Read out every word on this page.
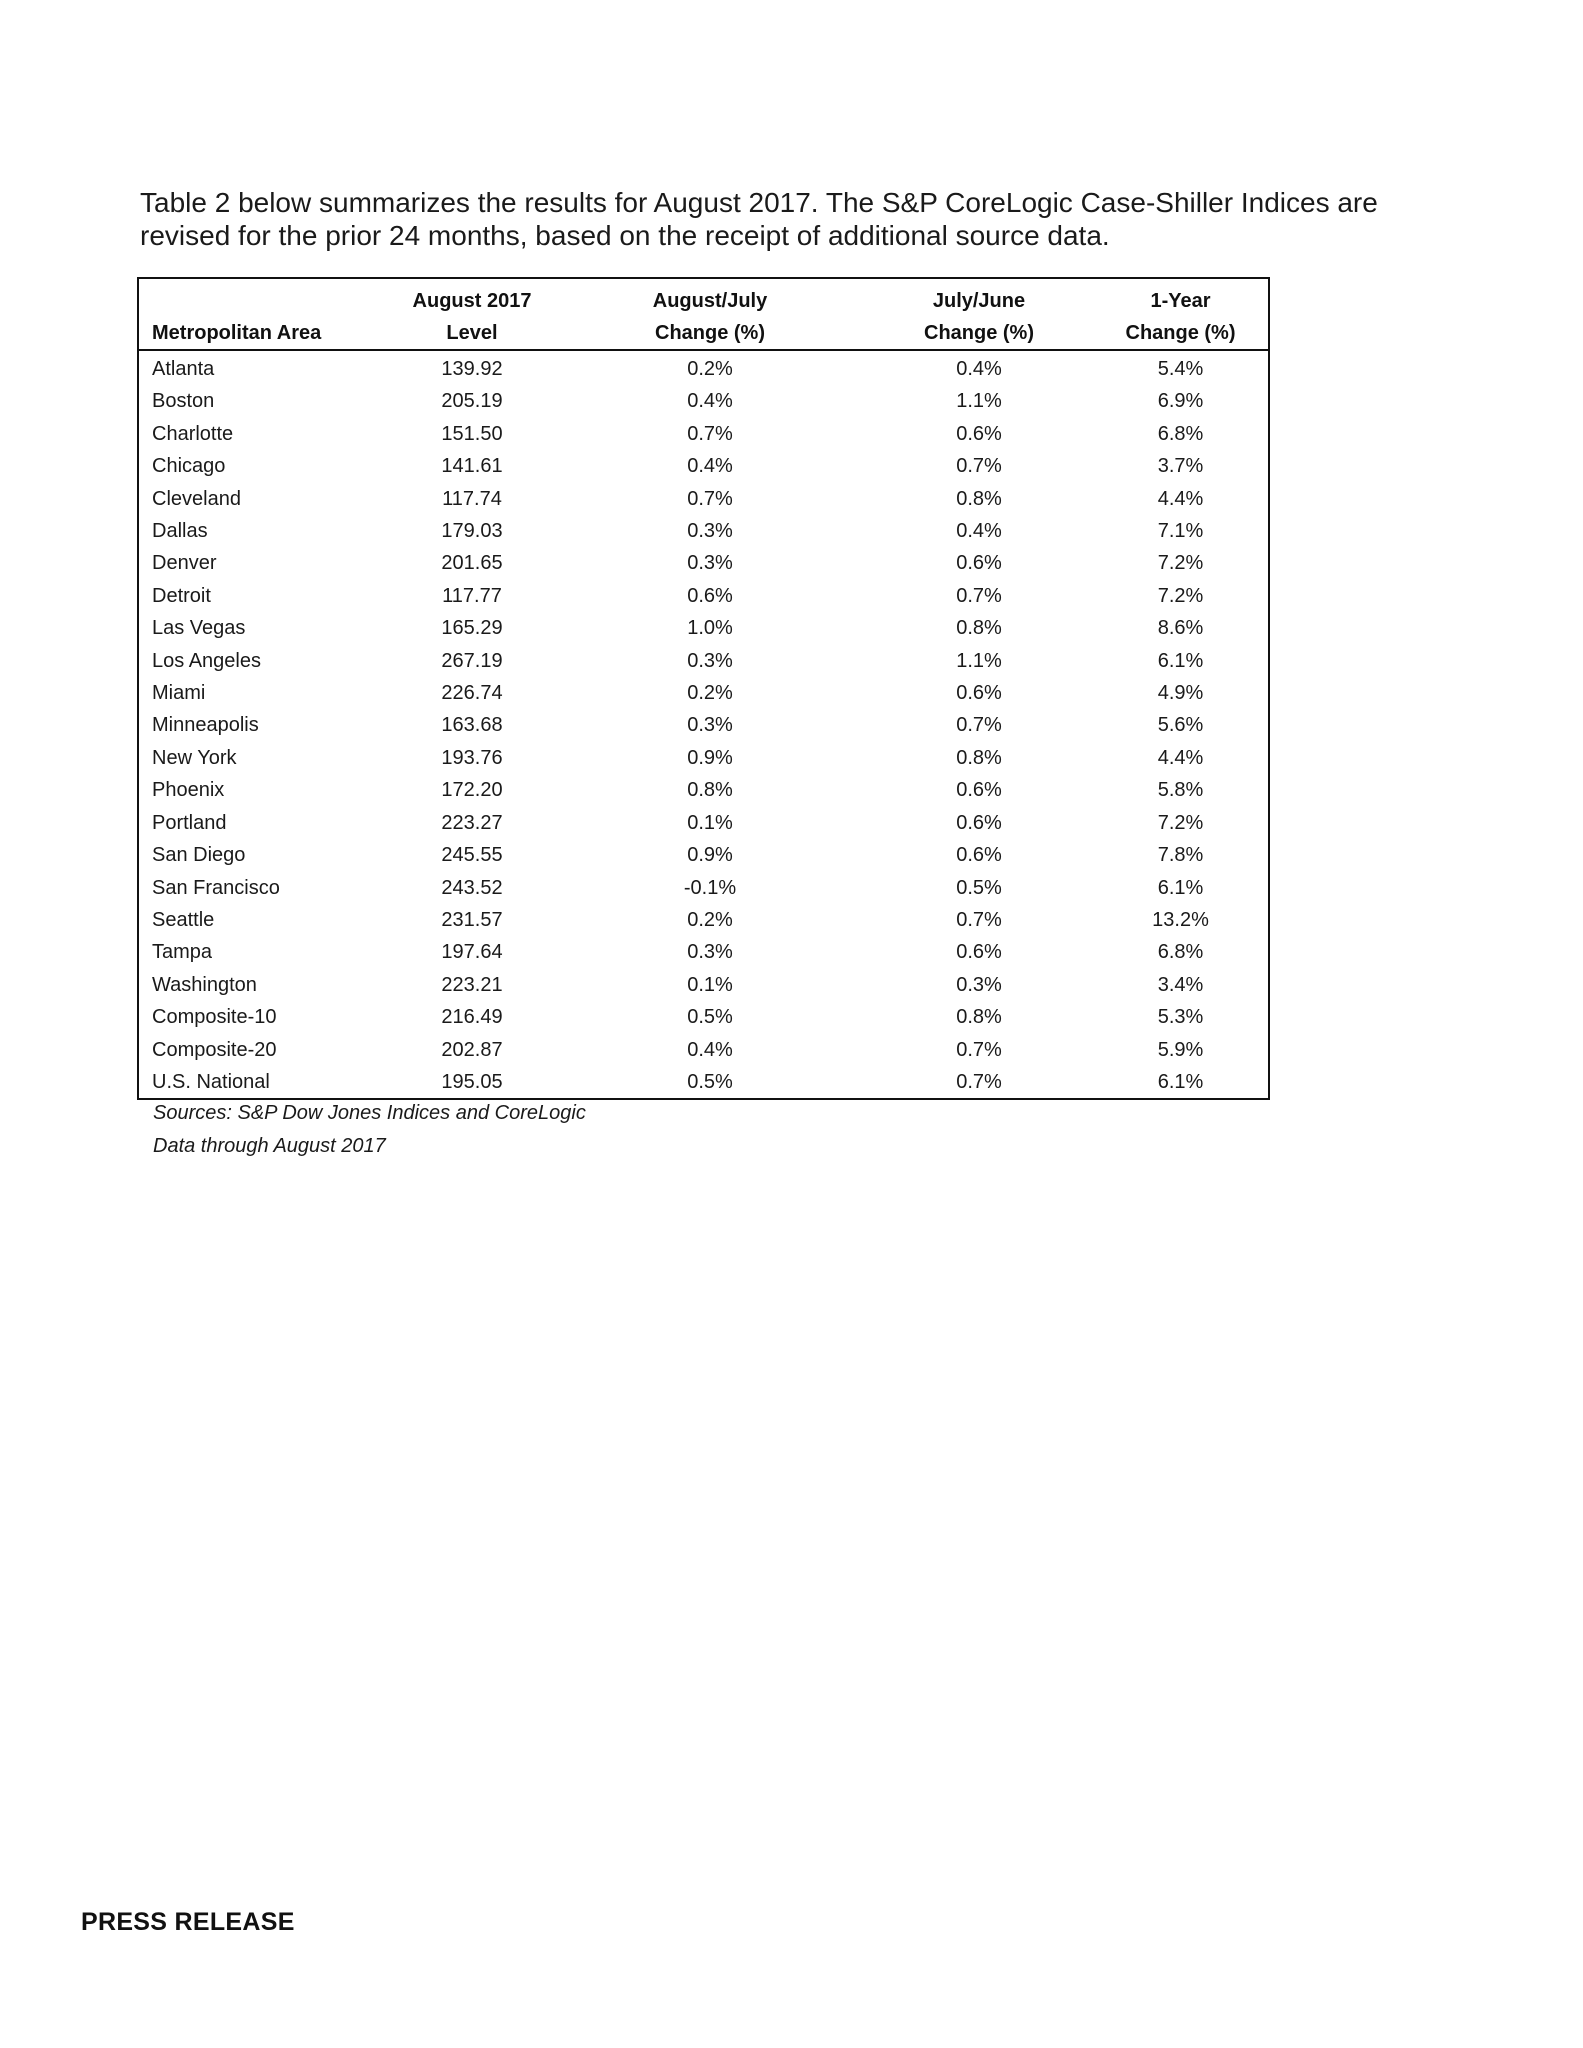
Table 2 below summarizes the results for August 2017. The S&P CoreLogic Case-Shiller Indices are
revised for the prior 24 months, based on the receipt of additional source data.
	August 2017	August/July	July/June	1-Year
Metropolitan Area	Level	Change (%)	Change (%)	Change (%)
Atlanta	139.92	0.2%	0.4%	5.4%
Boston	205.19	0.4%	1.1%	6.9%
Charlotte	151.50	0.7%	0.6%	6.8%
Chicago	141.61	0.4%	0.7%	3.7%
Cleveland	117.74	0.7%	0.8%	4.4%
Dallas	179.03	0.3%	0.4%	7.1%
Denver	201.65	0.3%	0.6%	7.2%
Detroit	117.77	0.6%	0.7%	7.2%
Las Vegas	165.29	1.0%	0.8%	8.6%
Los Angeles	267.19	0.3%	1.1%	6.1%
Miami	226.74	0.2%	0.6%	4.9%
Minneapolis	163.68	0.3%	0.7%	5.6%
New York	193.76	0.9%	0.8%	4.4%
Phoenix	172.20	0.8%	0.6%	5.8%
Portland	223.27	0.1%	0.6%	7.2%
San Diego	245.55	0.9%	0.6%	7.8%
San Francisco	243.52	-0.1%	0.5%	6.1%
Seattle	231.57	0.2%	0.7%	13.2%
Tampa	197.64	0.3%	0.6%	6.8%
Washington	223.21	0.1%	0.3%	3.4%
Composite-10	216.49	0.5%	0.8%	5.3%
Composite-20	202.87	0.4%	0.7%	5.9%
U.S. National	195.05	0.5%	0.7%	6.1%
Sources: S&P Dow Jones Indices and CoreLogic
Data through August 2017
PRESS RELEASE
